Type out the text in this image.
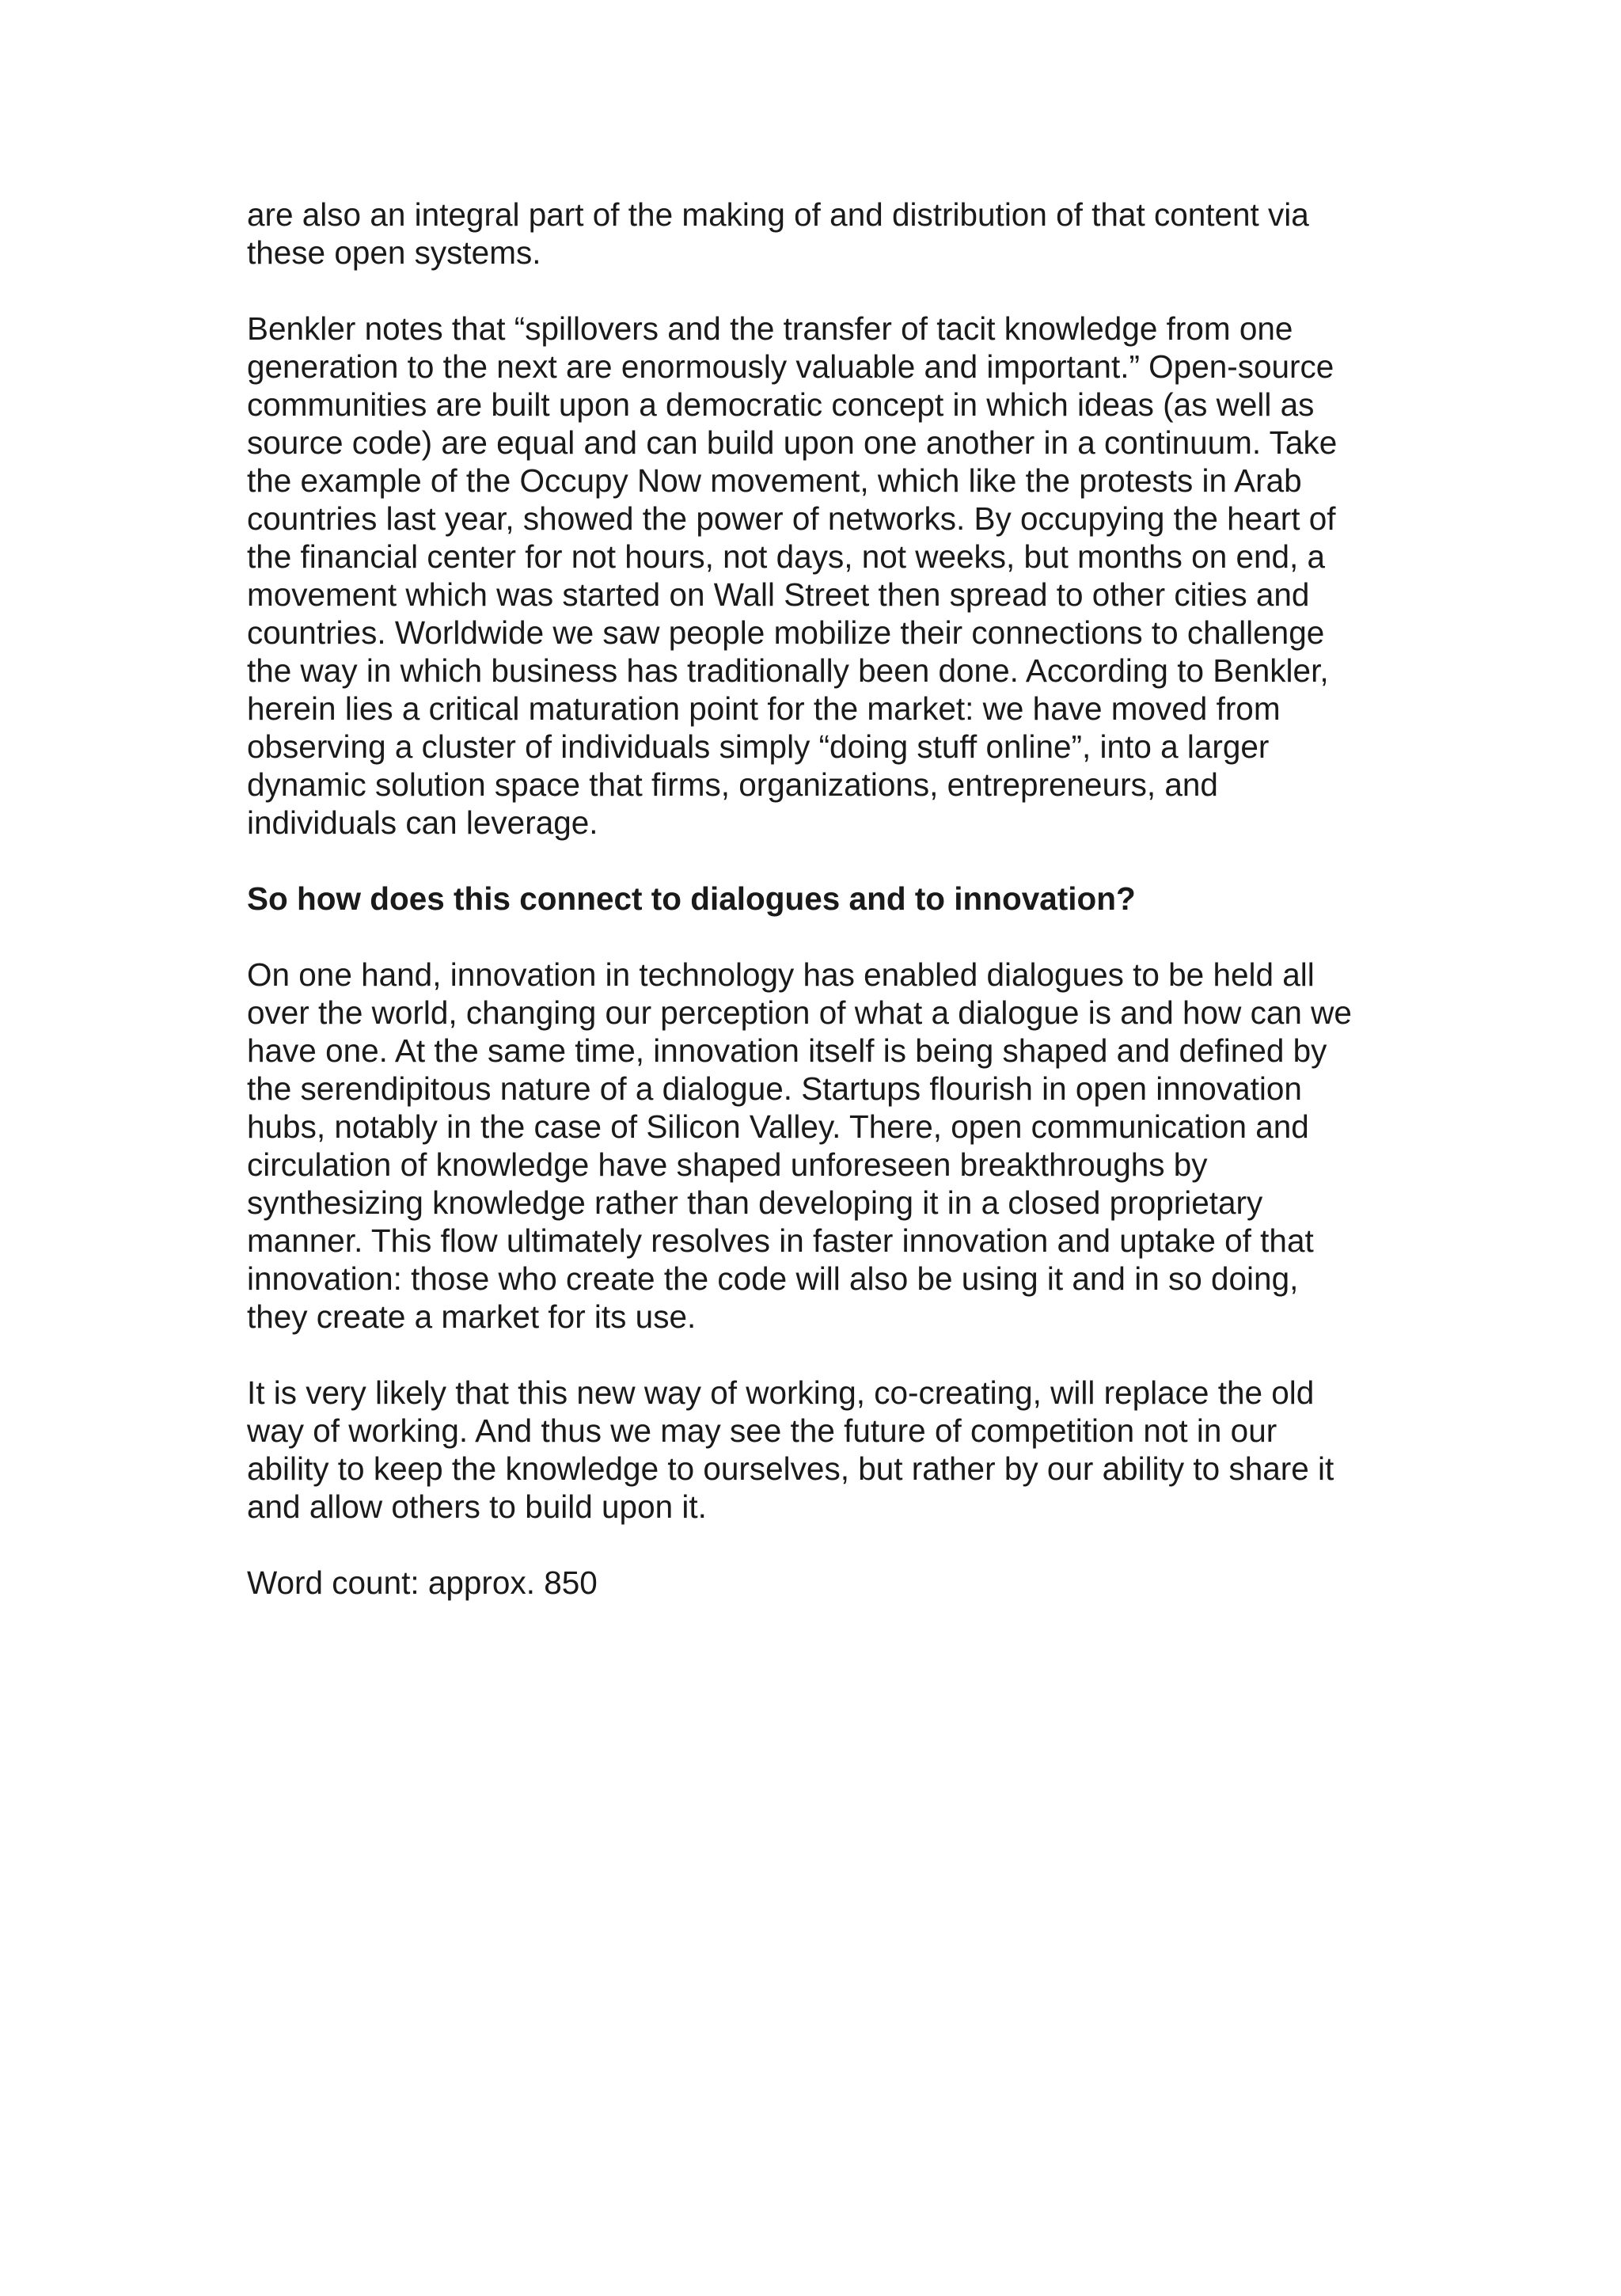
are also an integral part of the making of and distribution of that content via
these open systems.
Benkler notes that “spillovers and the transfer of tacit knowledge from one
generation to the next are enormously valuable and important.” Open-source
communities are built upon a democratic concept in which ideas (as well as
source code) are equal and can build upon one another in a continuum. Take
the example of the Occupy Now movement, which like the protests in Arab
countries last year, showed the power of networks. By occupying the heart of
the financial center for not hours, not days, not weeks, but months on end, a
movement which was started on Wall Street then spread to other cities and
countries. Worldwide we saw people mobilize their connections to challenge
the way in which business has traditionally been done. According to Benkler,
herein lies a critical maturation point for the market: we have moved from
observing a cluster of individuals simply “doing stuff online”, into a larger
dynamic solution space that firms, organizations, entrepreneurs, and
individuals can leverage.
So how does this connect to dialogues and to innovation?
On one hand, innovation in technology has enabled dialogues to be held all
over the world, changing our perception of what a dialogue is and how can we
have one. At the same time, innovation itself is being shaped and defined by
the serendipitous nature of a dialogue. Startups flourish in open innovation
hubs, notably in the case of Silicon Valley. There, open communication and
circulation of knowledge have shaped unforeseen breakthroughs by
synthesizing knowledge rather than developing it in a closed proprietary
manner. This flow ultimately resolves in faster innovation and uptake of that
innovation: those who create the code will also be using it and in so doing,
they create a market for its use.
It is very likely that this new way of working, co-creating, will replace the old
way of working. And thus we may see the future of competition not in our
ability to keep the knowledge to ourselves, but rather by our ability to share it
and allow others to build upon it.
Word count: approx. 850
